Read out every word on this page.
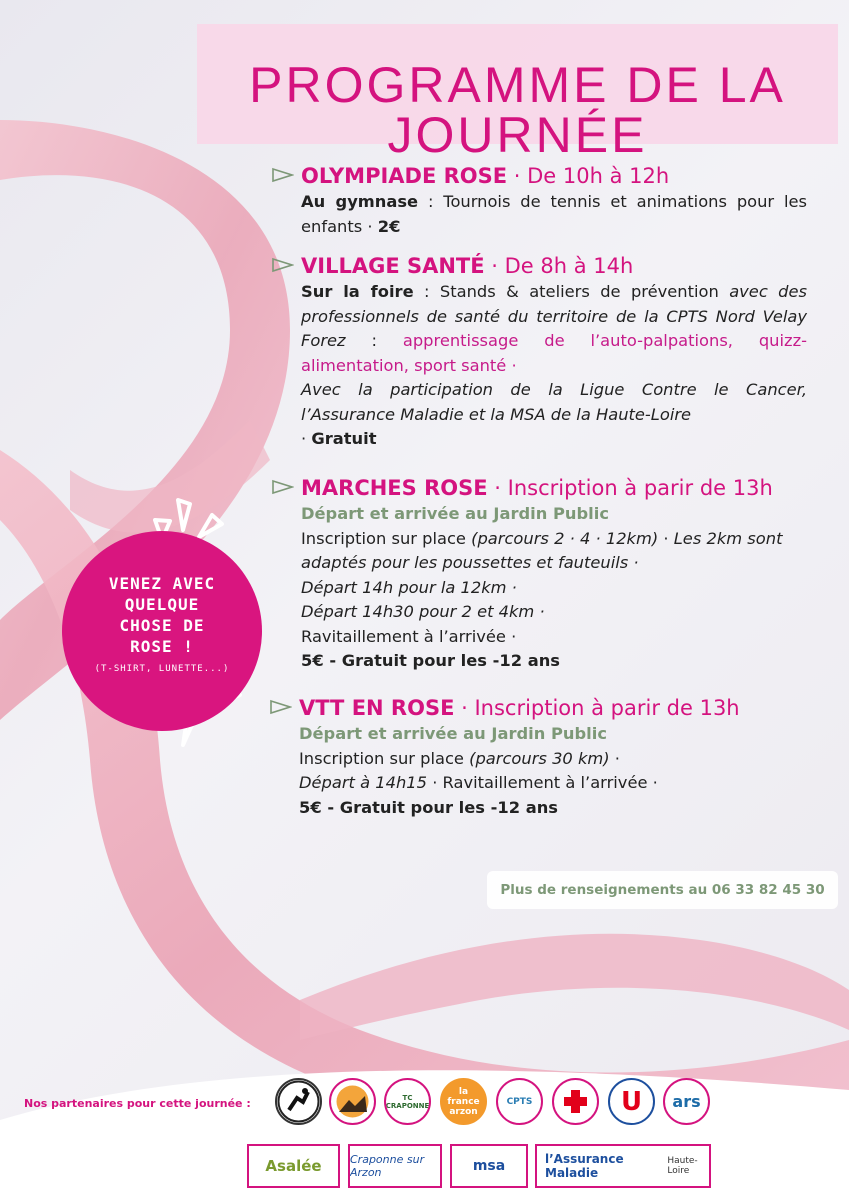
PROGRAMME DE LA JOURNÉE
OLYMPIADE ROSE · De 10h à 12h
Au gymnase : Tournois de tennis et animations pour les enfants · 2€
VILLAGE SANTÉ · De 8h à 14h
Sur la foire : Stands & ateliers de prévention avec des professionnels de santé du territoire de la CPTS Nord Velay Forez : apprentissage de l’auto-palpations, quizz-alimentation, sport santé ·
Avec la participation de la Ligue Contre le Cancer, l’Assurance Maladie et la MSA de la Haute-Loire
· Gratuit
MARCHES ROSE · Inscription à parir de 13h
Départ et arrivée au Jardin Public
Inscription sur place (parcours 2 · 4 · 12km) · Les 2km sont adaptés pour les poussettes et fauteuils ·
Départ 14h pour la 12km ·
Départ 14h30 pour 2 et 4km ·
Ravitaillement à l’arrivée ·
5€ - Gratuit pour les -12 ans
VTT EN ROSE · Inscription à parir de 13h
Départ et arrivée au Jardin Public
Inscription sur place (parcours 30 km) ·
Départ à 14h15 · Ravitaillement à l’arrivée ·
5€ - Gratuit pour les -12 ans
Plus de renseignements au 06 33 82 45 30
VENEZ AVEC
QUELQUE
CHOSE DE
ROSE !
(T-SHIRT, LUNETTE...)
Nos partenaires pour cette journée :	TC CRAPONNE
la france arzon
CPTS	U ars
Asalée	Craponne sur Arzon	msa	l’Assurance Maladie
Haute-Loire
